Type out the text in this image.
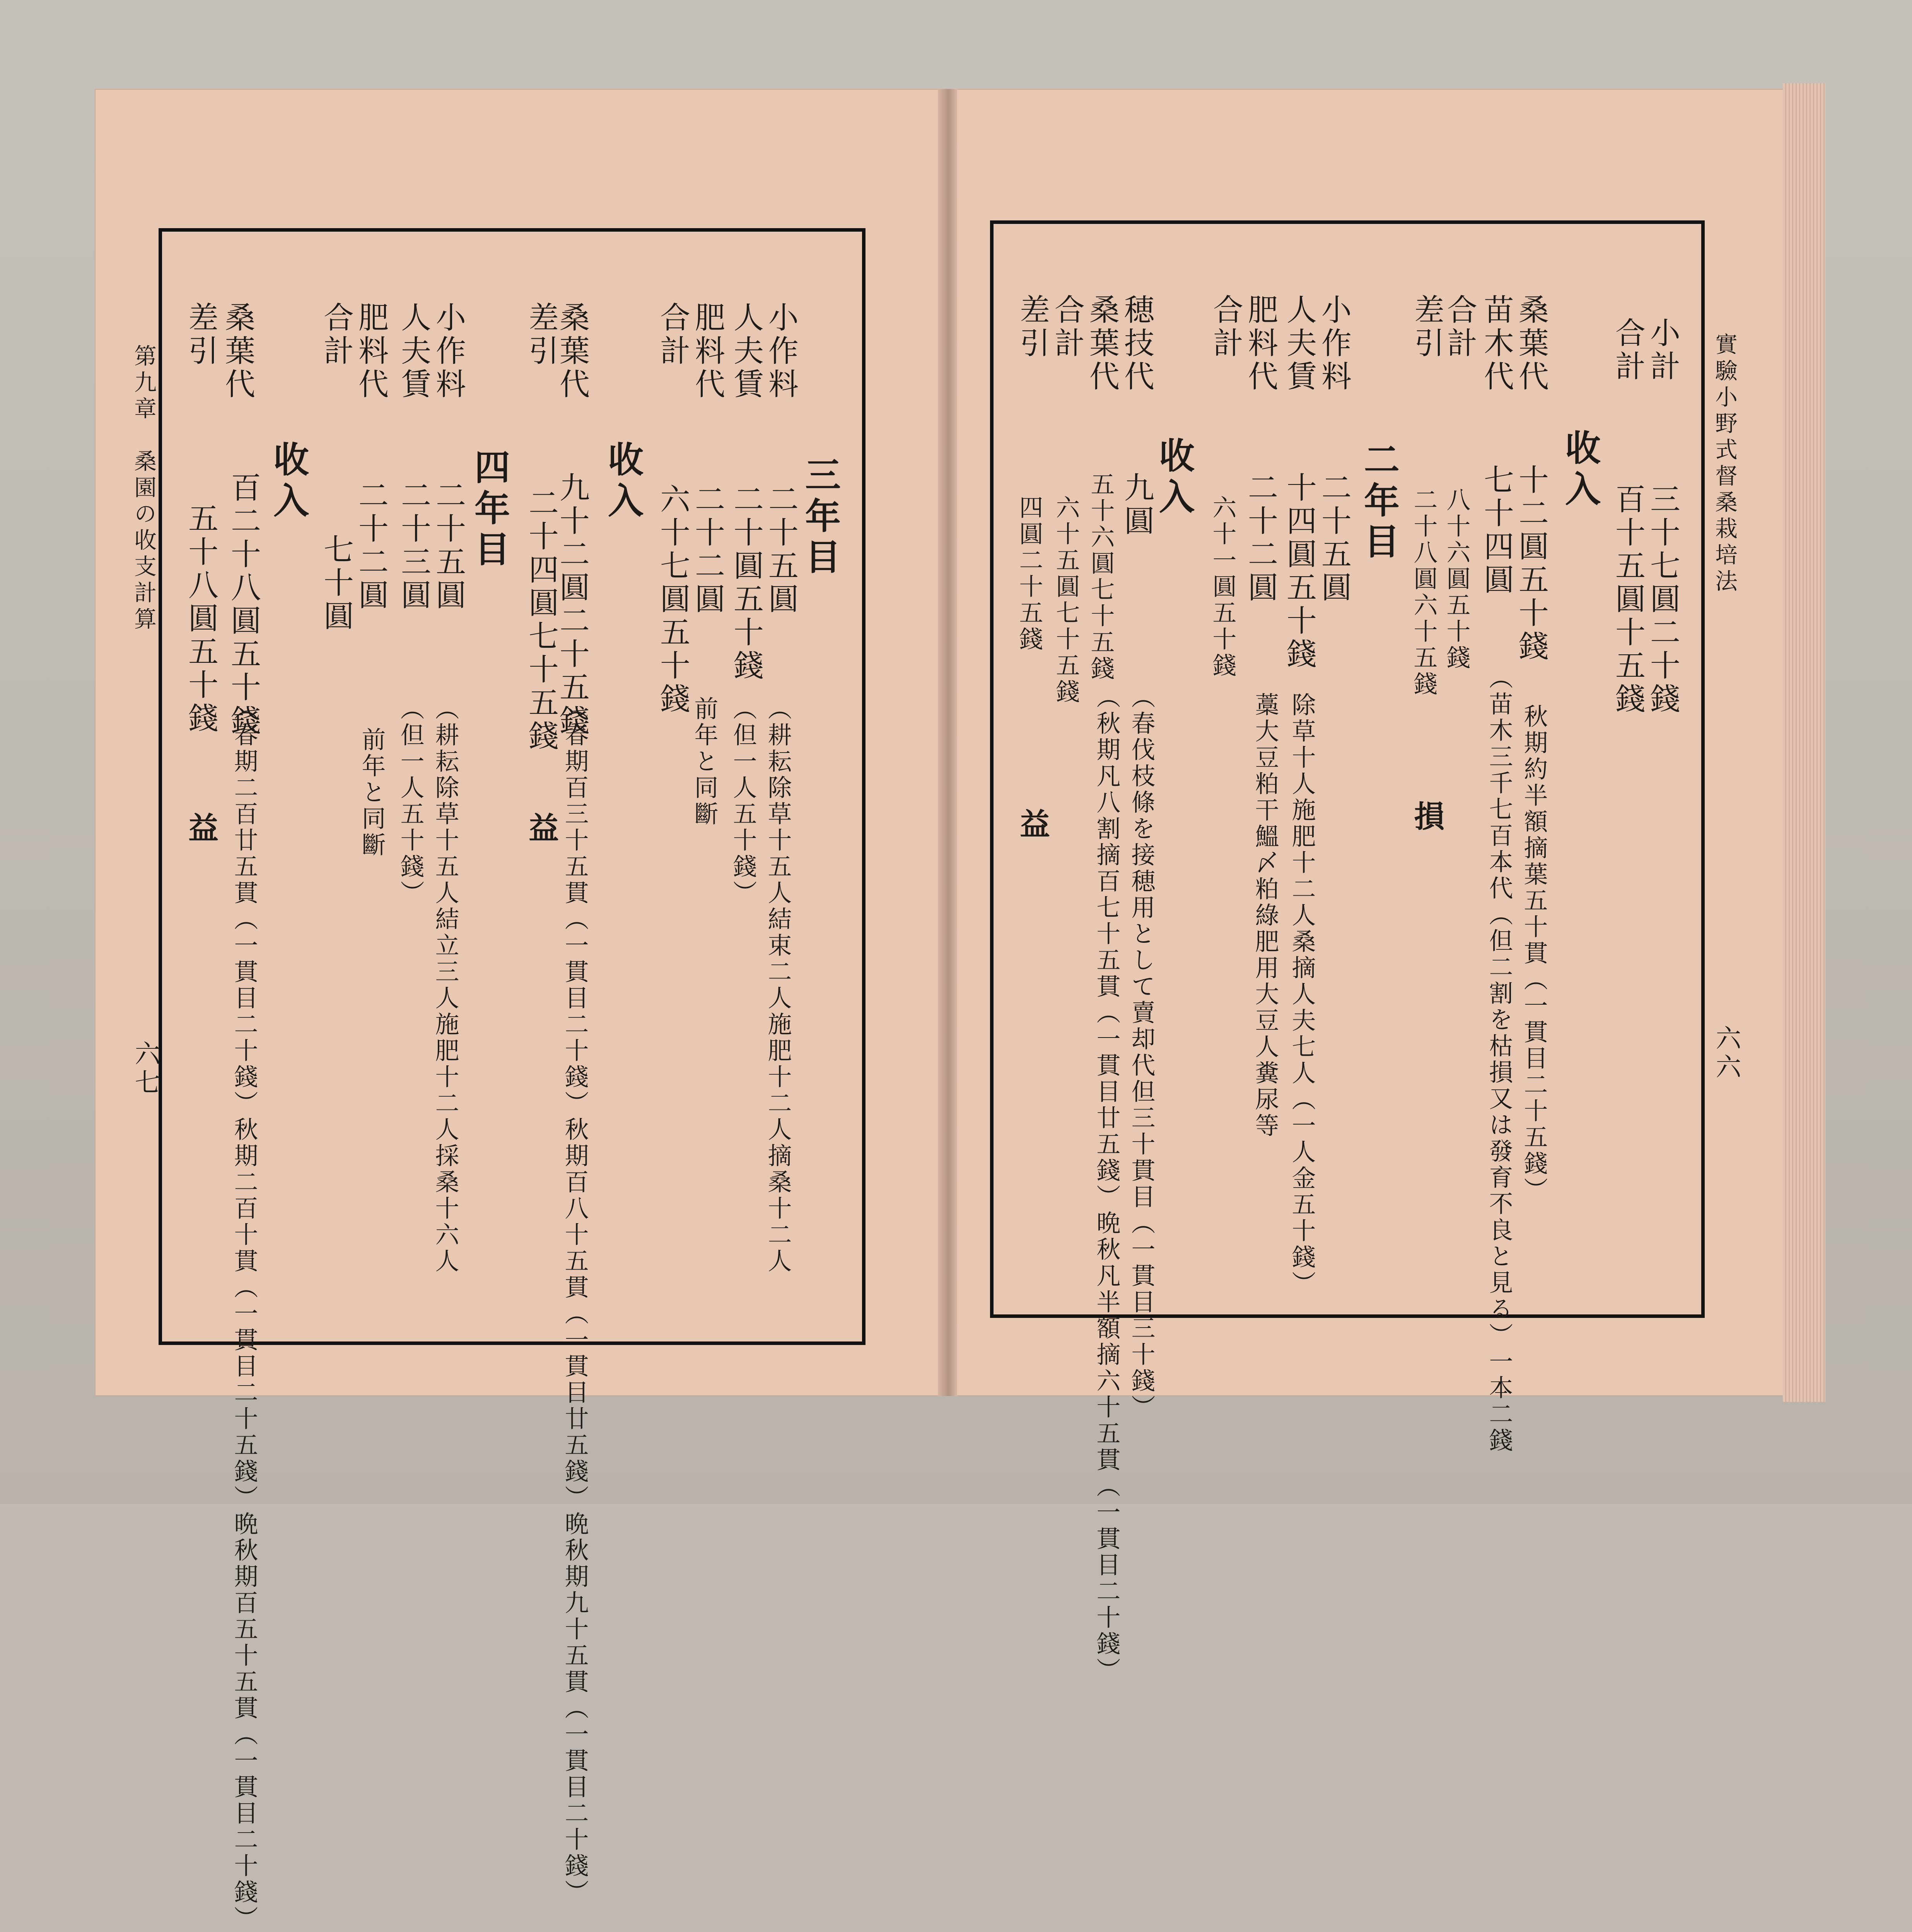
第九章　桑園の收支計算
六七
小作料
二十五圓
（耕耘除草十五人結束二人施肥十二人摘桑十二人
人夫賃
二十圓五十錢
（但一人五十錢）
肥料代
二十二圓
前年と同斷
合計
六十七圓五十錢	三年目
收入
桑葉代
九十二圓二十五錢
（春期百三十五貫（一貫目二十錢）秋期百八十五貫（一貫目廿五錢）晩秋期九十五貫（一貫目二十錢）
差引
二十四圓七十五錢
益
四年目
小作料
二十五圓
（耕耘除草十五人結立三人施肥十二人採桑十六人
人夫賃
二十三圓
（但一人五十錢）
肥料代
二十二圓
前年と同斷
合計
七十圓
收入
桑葉代
百二十八圓五十錢
（春期二百廿五貫（一貫目二十錢）秋期二百十貫（一貫目二十五錢）晩秋期百五十五貫（一貫目二十錢）
差引
五十八圓五十錢
益
實驗小野式督桑栽培法
六六
小計
三十七圓二十錢
合計
百十五圓十五錢
收入
桑葉代
十二圓五十錢
秋期約半額摘葉五十貫（一貫目二十五錢）
苗木代
七十四圓
（苗木三千七百本代（但二割を枯損又は發育不良と見る）一本二錢
合計
八十六圓五十錢
差引
二十八圓六十五錢
損
二年目
小作料
二十五圓
人夫賃
十四圓五十錢
除草十人施肥十二人桑摘人夫七人（一人金五十錢）
肥料代
二十二圓
藁大豆粕干鰮〆粕綠肥用大豆人糞尿等
合計
六十一圓五十錢
收入
穂技代
九圓
（春伐枝條を接穂用として賣却代但三十貫目（一貫目三十錢）
桑葉代
五十六圓七十五錢
（秋期凡八割摘百七十五貫（一貫目廿五錢）晩秋凡半額摘六十五貫（一貫目二十錢）
合計
六十五圓七十五錢
差引
四圓二十五錢
益
